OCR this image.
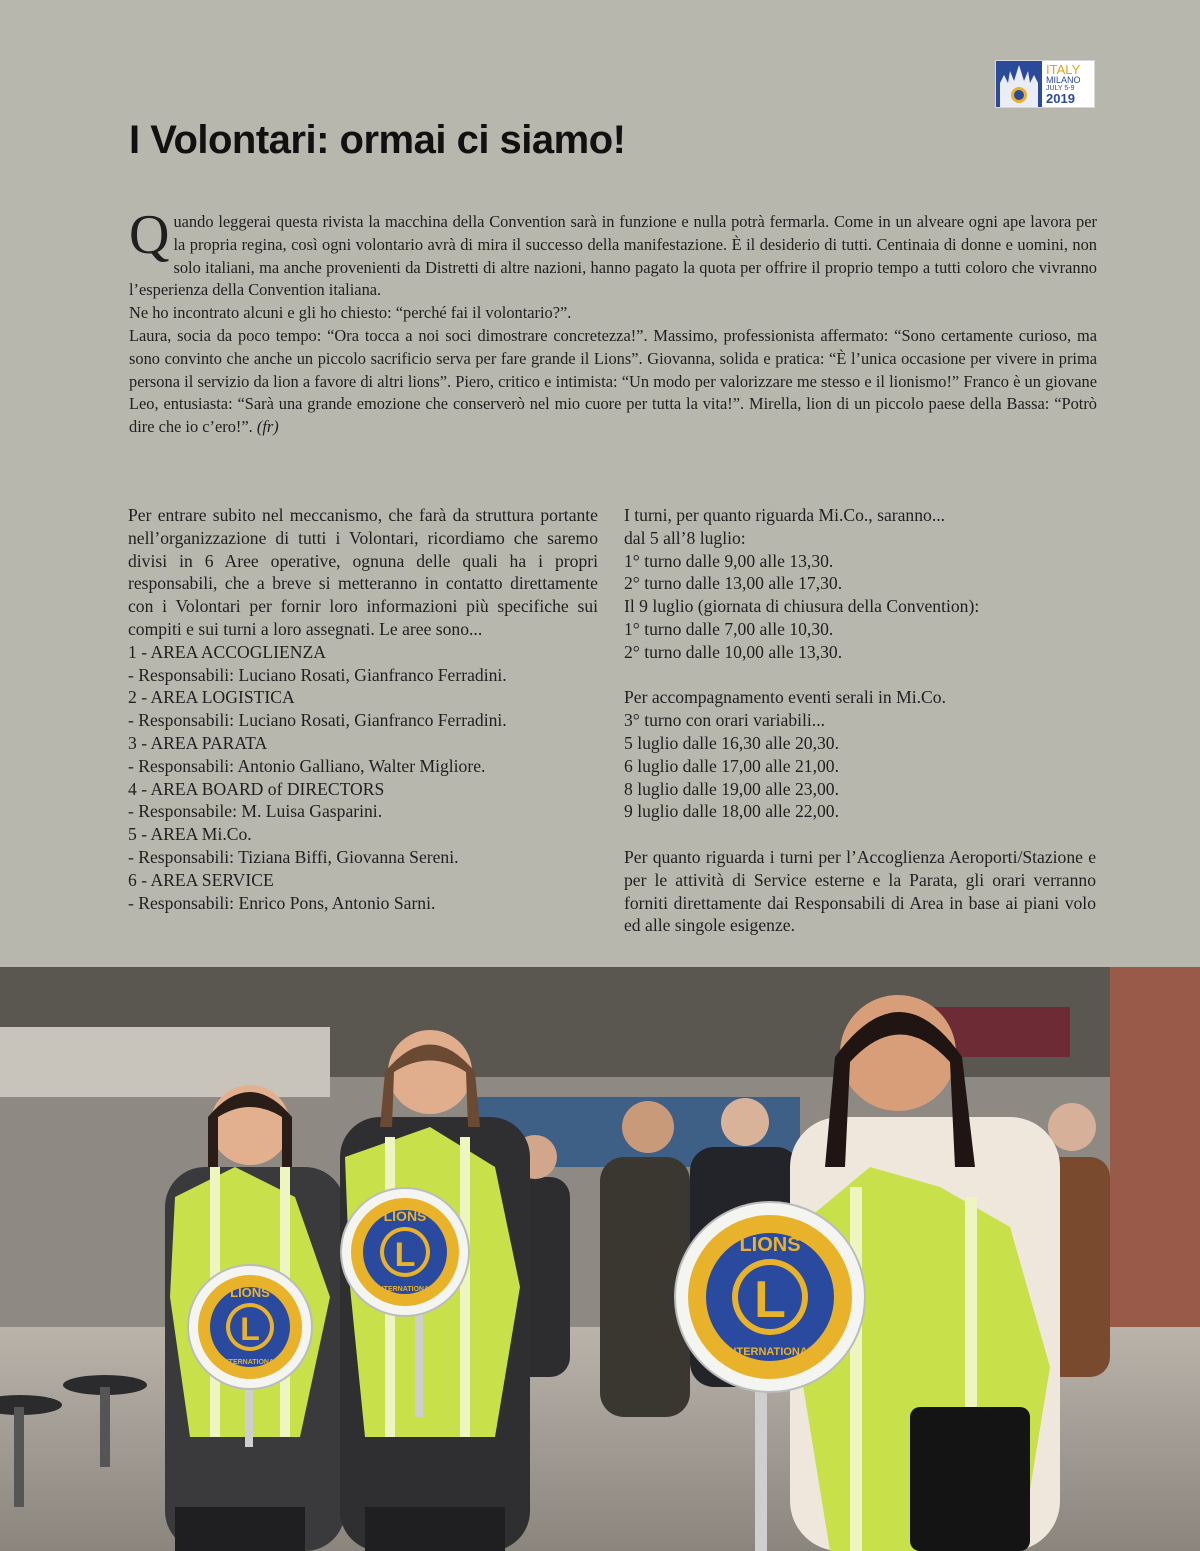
ITALY
MILANO
JULY 5-9
2019
I Volontari: ormai ci siamo!

Quando leggerai questa rivista la macchina della Convention sarà in funzione e nulla potrà fermarla. Come in un alveare ogni ape lavora per la propria regina, così ogni volontario avrà di mira il successo della manifestazione. È il desiderio di tutti. Centinaia di donne e uomini, non solo italiani, ma anche provenienti da Distretti di altre nazioni, hanno pagato la quota per offrire il proprio tempo a tutti coloro che vivranno l’esperienza della Convention italiana.

Ne ho incontrato alcuni e gli ho chiesto: “perché fai il volontario?”.

Laura, socia da poco tempo: “Ora tocca a noi soci dimostrare concretezza!”. Massimo, professionista affermato: “Sono certamente curioso, ma sono convinto che anche un piccolo sacrificio serva per fare grande il Lions”. Giovanna, solida e pratica: “È l’unica occasione per vivere in prima persona il servizio da lion a favore di altri lions”. Piero, critico e intimista: “Un modo per valorizzare me stesso e il lionismo!” Franco è un giovane Leo, entusiasta: “Sarà una grande emozione che conserverò nel mio cuore per tutta la vita!”. Mirella, lion di un piccolo paese della Bassa: “Potrò dire che io c’ero!”. (fr)

Per entrare subito nel meccanismo, che farà da struttura portante nell’organizzazione di tutti i Volontari, ricordiamo che saremo divisi in 6 Aree operative, ognuna delle quali ha i propri responsabili, che a breve si metteranno in contatto direttamente con i Volontari per fornir loro informazioni più specifiche sui compiti e sui turni a loro assegnati. Le aree sono...

1 - AREA ACCOGLIENZA

- Responsabili: Luciano Rosati, Gianfranco Ferradini.

2 - AREA LOGISTICA

- Responsabili: Luciano Rosati, Gianfranco Ferradini.

3 - AREA PARATA

- Responsabili: Antonio Galliano, Walter Migliore.

4 - AREA BOARD of DIRECTORS

- Responsabile: M. Luisa Gasparini.

5 - AREA Mi.Co.

- Responsabili: Tiziana Biffi, Giovanna Sereni.

6 - AREA SERVICE

- Responsabili: Enrico Pons, Antonio Sarni.

I turni, per quanto riguarda Mi.Co., saranno...

dal 5 all’8 luglio:

1° turno dalle 9,00 alle 13,30.

2° turno dalle 13,00 alle 17,30.

Il 9 luglio (giornata di chiusura della Convention):

1° turno dalle 7,00 alle 10,30.

2° turno dalle 10,00 alle 13,30.

Per accompagnamento eventi serali in Mi.Co.

3° turno con orari variabili...

5 luglio dalle 16,30 alle 20,30.

6 luglio dalle 17,00 alle 21,00.

8 luglio dalle 19,00 alle 23,00.

9 luglio dalle 18,00 alle 22,00.

Per quanto riguarda i turni per l’Accoglienza Aeroporti/Stazione e per le attività di Service esterne e la Parata, gli orari verranno forniti direttamente dai Responsabili di Area in base ai piani volo ed alle singole esigenze.

LIONS
L
INTERNATIONAL
LIONS
L
INTERNATIONAL
LIONS
L
INTERNATIONAL
